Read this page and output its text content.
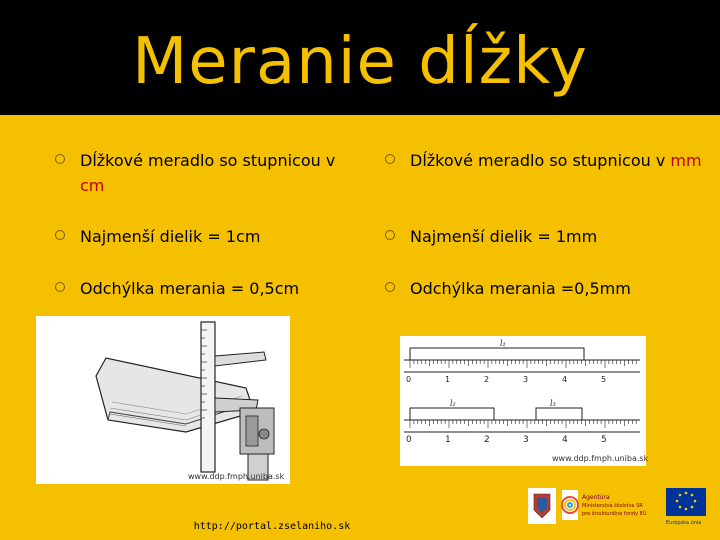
Meranie dĺžky
Dĺžkové meradlo so stupnicou v cm
Najmenší dielik = 1cm
Odchýlka merania = 0,5cm
Dĺžkové meradlo so stupnicou v mm
Najmenší dielik = 1mm
Odchýlka merania =0,5mm
www.ddp.fmph.uniba.sk
l₁
0	1	2	3	4	5
l₂	l₃
0	1	2	3	4	5
www.ddp.fmph.uniba.sk
http://portal.zselaniho.sk
Agentúra
Ministerstva školstva SR
pre štrukturálne fondy EÚ
Európska únia
